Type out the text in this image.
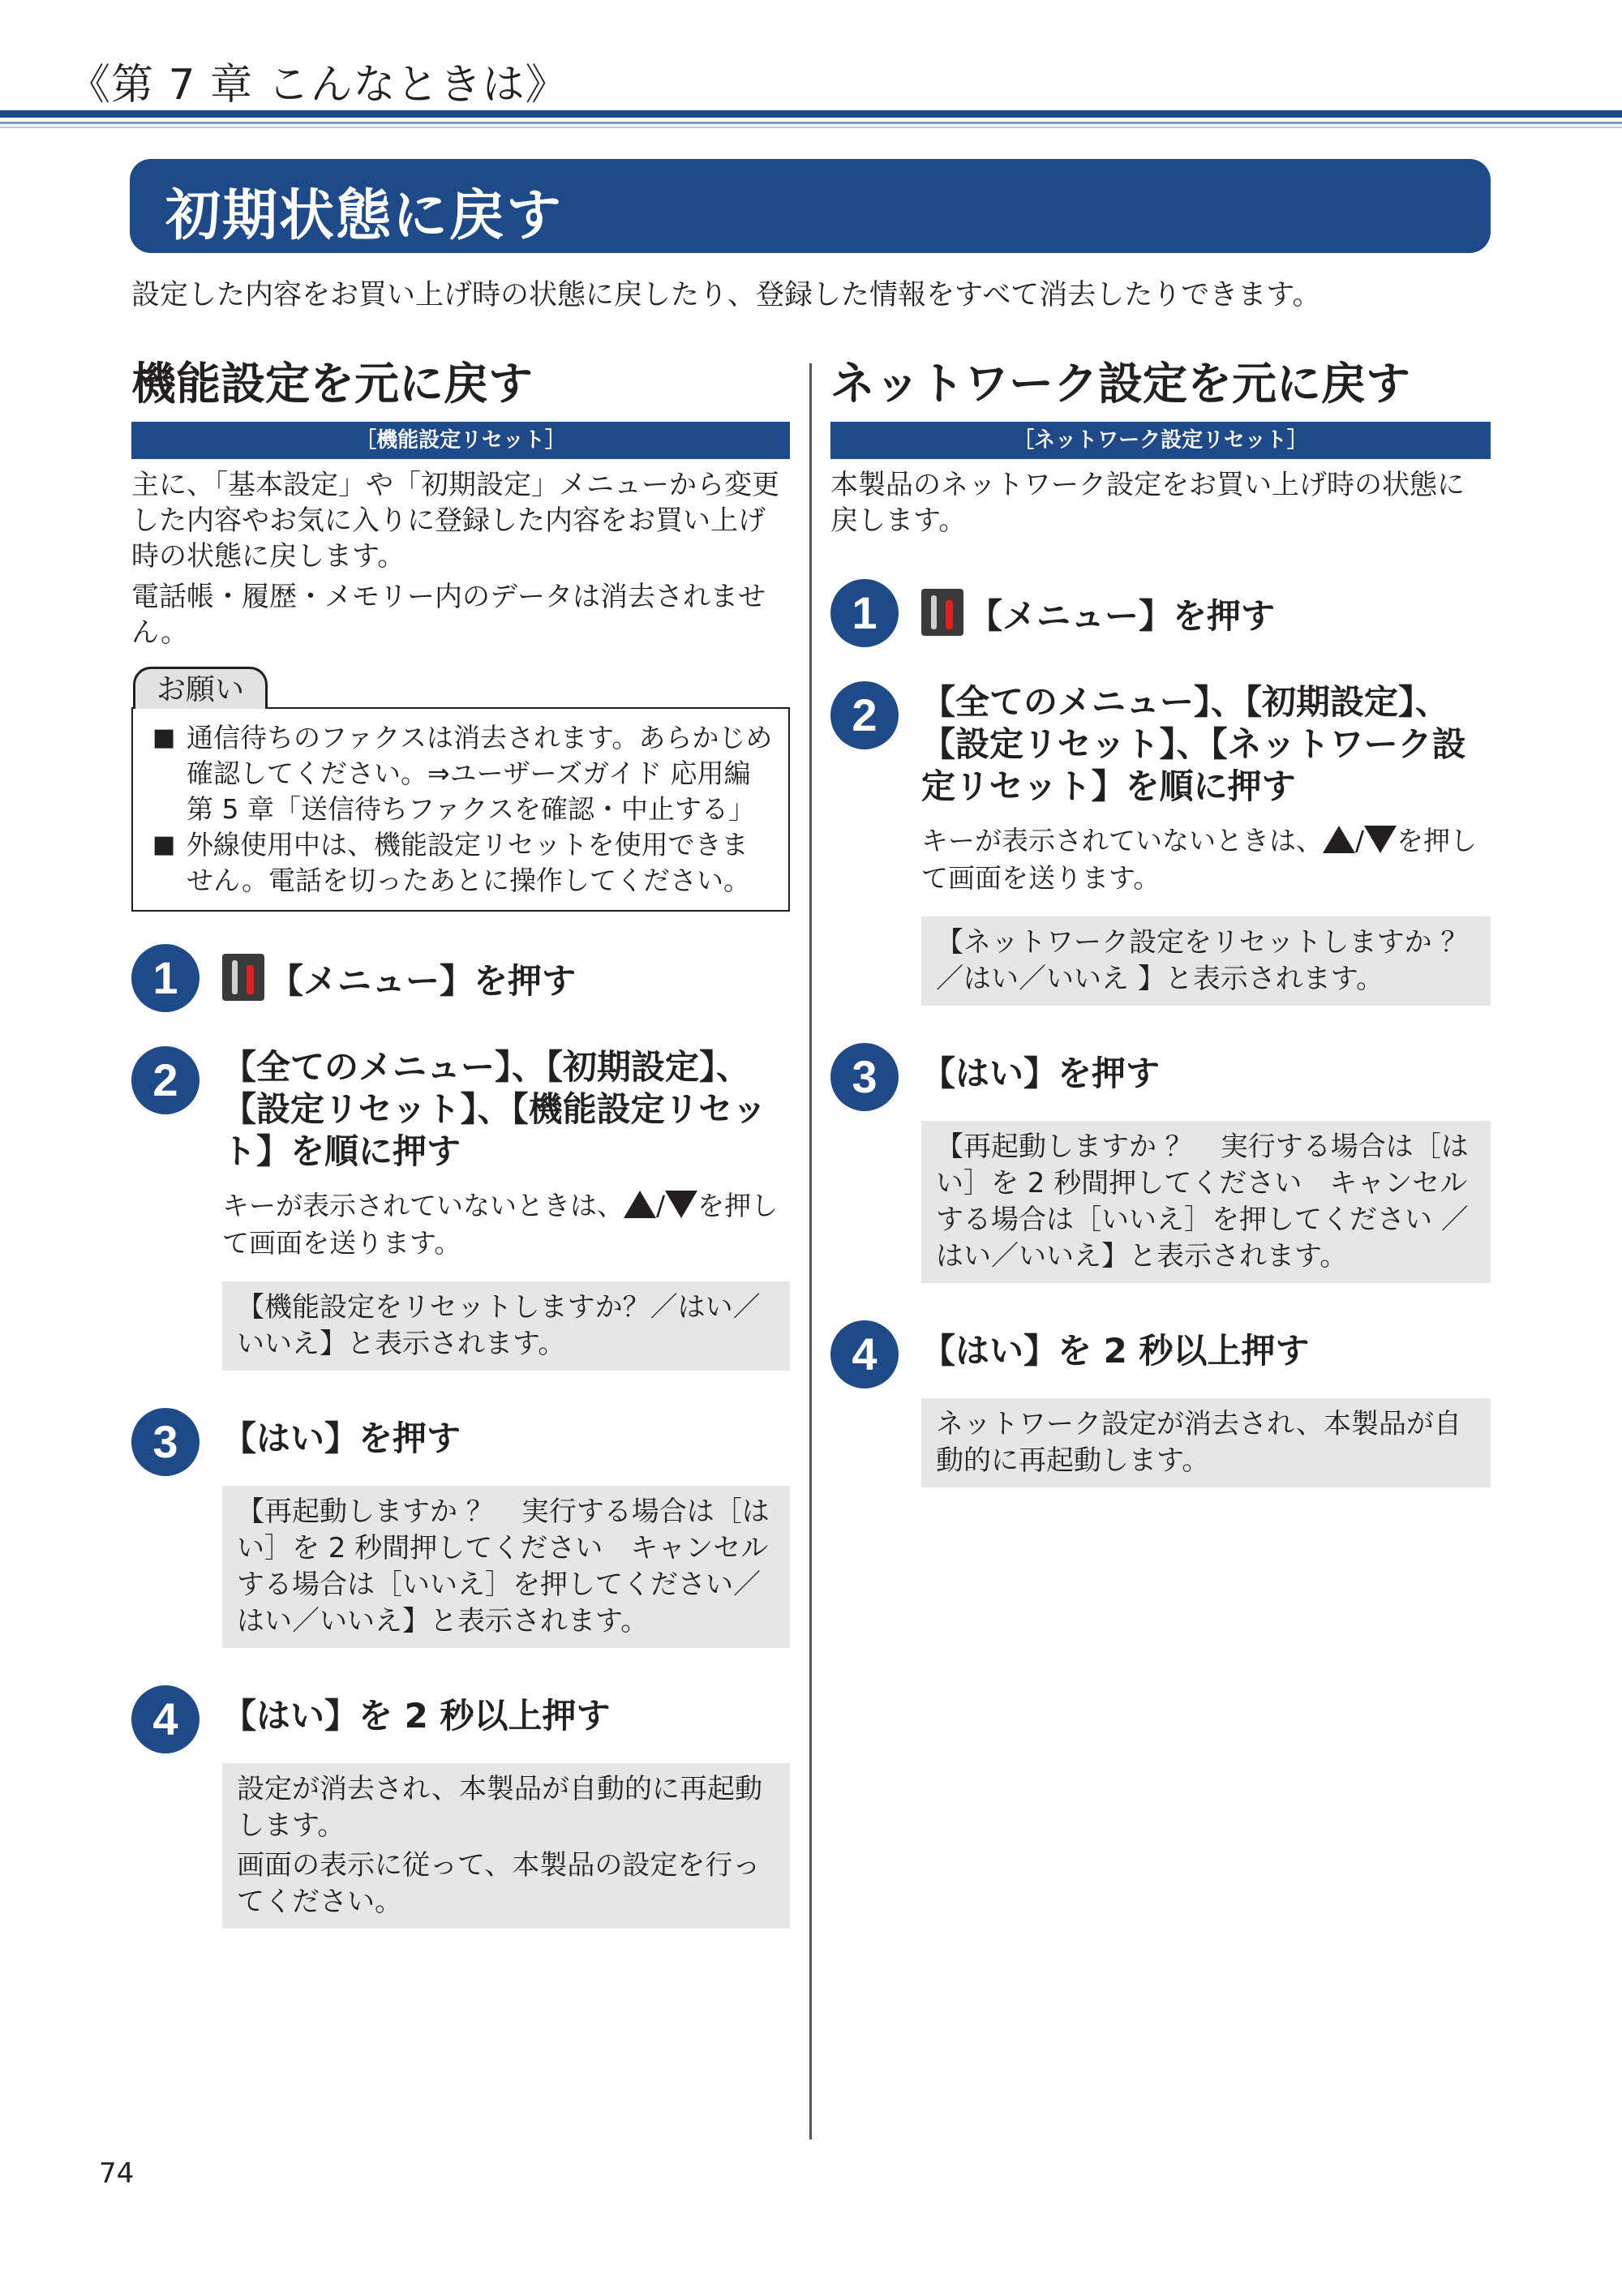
《第 7 章 こんなときは》
初期状態に戻す
設定した内容をお買い上げ時の状態に戻したり、登録した情報をすべて消去したりできます。
機能設定を元に戻す
［機能設定リセット］
主に、「基本設定」や「初期設定」メニューから変更した内容やお気に入りに登録した内容をお買い上げ時の状態に戻します。
電話帳・履歴・メモリー内のデータは消去されません。
お願い
■ 通信待ちのファクスは消去されます。あらかじめ確認してください。⇒ユーザーズガイド 応用編 第 5 章「送信待ちファクスを確認・中止する」
■ 外線使用中は、機能設定リセットを使用できません。電話を切ったあとに操作してください。
1	【メニュー】を押す
2	【全てのメニュー】、【初期設定】、【設定リセット】、【機能設定リセット】を順に押す
キーが表示されていないときは、 / を押して画面を送ります。
【機能設定をリセットしますか？／はい／いいえ】と表示されます。
3	【はい】を押す
【再起動しますか ？　実行する場合は［はい］を 2 秒間押してください　キャンセルする場合は［いいえ］を押してください／はい／いいえ】と表示されます。
4	【はい】を 2 秒以上押す
設定が消去され、本製品が自動的に再起動します。
画面の表示に従って、本製品の設定を行ってください。
ネットワーク設定を元に戻す
［ネットワーク設定リセット］
本製品のネットワーク設定をお買い上げ時の状態に戻します。
1	【メニュー】を押す
2	【全てのメニュー】、【初期設定】、【設定リセット】、【ネットワーク設定リセット】を順に押す
キーが表示されていないときは、 / を押して画面を送ります。
【ネットワーク設定をリセットしますか ？ ／はい／いいえ 】と表示されます。
3	【はい】を押す
【再起動しますか ？　実行する場合は［はい］を 2 秒間押してください　キャンセルする場合は［いいえ］を押してください ／はい／いいえ】と表示されます。
4	【はい】を 2 秒以上押す
ネットワーク設定が消去され、本製品が自動的に再起動します。
74
